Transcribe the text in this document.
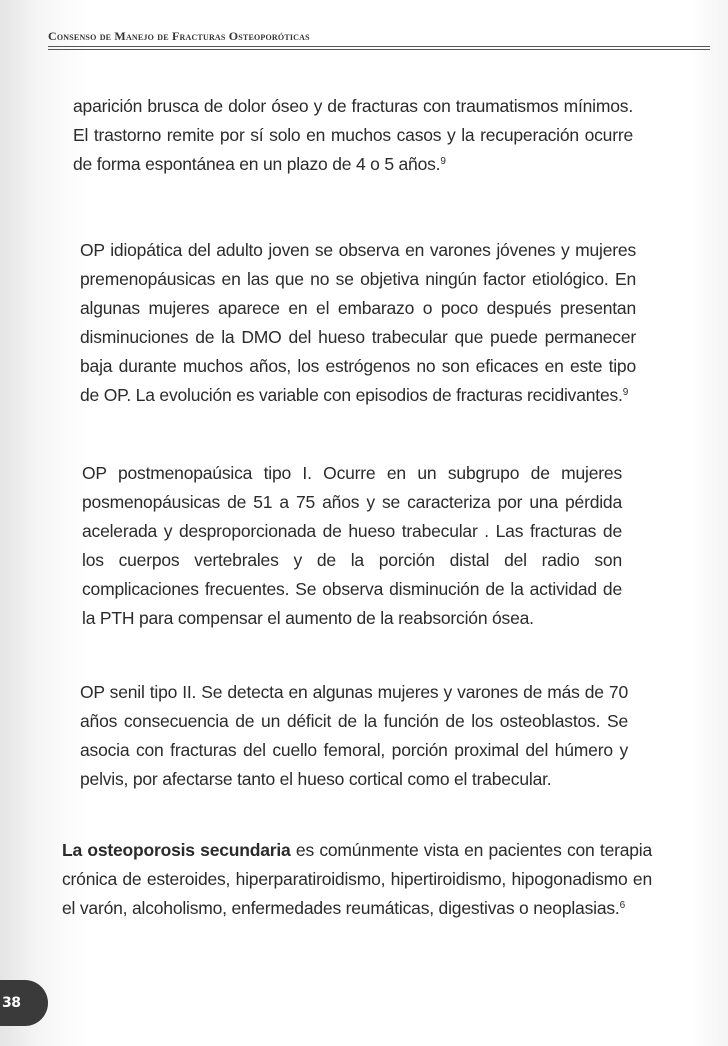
Consenso de Manejo de Fracturas Osteoporóticas

aparición brusca de dolor óseo y de fracturas con traumatismos mínimos. El trastorno remite por sí solo en muchos casos y la recuperación ocurre de forma espontánea en un plazo de 4 o 5 años.$^9$

OP idiopática del adulto joven se observa en varones jóvenes y mujeres premenopáusicas en las que no se objetiva ningún factor etiológico. En algunas mujeres aparece en el embarazo o poco después presentan disminuciones de la DMO del hueso trabecular que puede permanecer baja durante muchos años, los estrógenos no son eficaces en este tipo de OP. La evolución es variable con episodios de fracturas recidivantes.$^9$

OP postmenopaúsica tipo I. Ocurre en un subgrupo de mujeres posmenopáusicas de 51 a 75 años y se caracteriza por una pérdida acelerada y desproporcionada de hueso trabecular . Las fracturas de los cuerpos vertebrales y de la porción distal del radio son complicaciones frecuentes. Se observa disminución de la actividad de la PTH para compensar el aumento de la reabsorción ósea.

OP senil tipo II. Se detecta en algunas mujeres y varones de más de 70 años consecuencia de un déficit de la función de los osteoblastos. Se asocia con fracturas del cuello femoral, porción proximal del húmero y pelvis, por afectarse tanto el hueso cortical como el trabecular.

La osteoporosis secundaria es comúnmente vista en pacientes con terapia crónica de esteroides, hiperparatiroidismo, hipertiroidismo, hipogonadismo en el varón, alcoholismo, enfermedades reumáticas, digestivas o neoplasias.$^6$

38
